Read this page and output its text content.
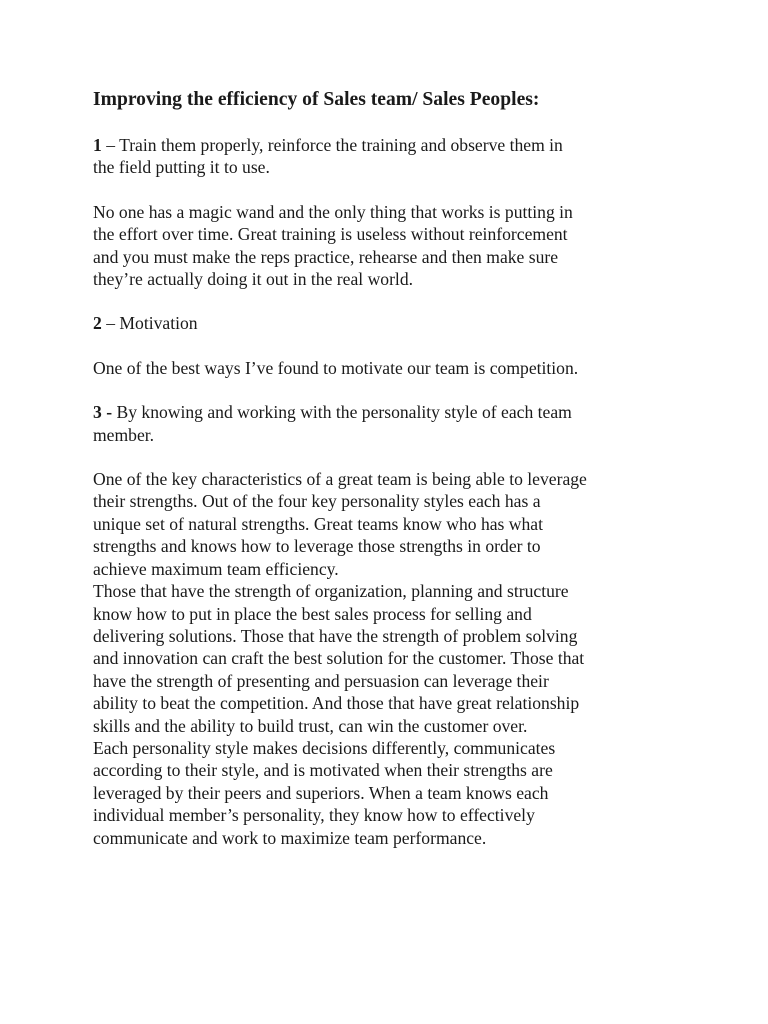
Improving the efficiency of Sales team/ Sales Peoples:

1 – Train them properly, reinforce the training and observe them in
the field putting it to use.

No one has a magic wand and the only thing that works is putting in
the effort over time. Great training is useless without reinforcement
and you must make the reps practice, rehearse and then make sure
they’re actually doing it out in the real world.

2 – Motivation

One of the best ways I’ve found to motivate our team is competition.

3 - By knowing and working with the personality style of each team
member.

One of the key characteristics of a great team is being able to leverage
their strengths. Out of the four key personality styles each has a
unique set of natural strengths. Great teams know who has what
strengths and knows how to leverage those strengths in order to
achieve maximum team efficiency.
Those that have the strength of organization, planning and structure
know how to put in place the best sales process for selling and
delivering solutions. Those that have the strength of problem solving
and innovation can craft the best solution for the customer. Those that
have the strength of presenting and persuasion can leverage their
ability to beat the competition. And those that have great relationship
skills and the ability to build trust, can win the customer over.
Each personality style makes decisions differently, communicates
according to their style, and is motivated when their strengths are
leveraged by their peers and superiors. When a team knows each
individual member’s personality, they know how to effectively
communicate and work to maximize team performance.
